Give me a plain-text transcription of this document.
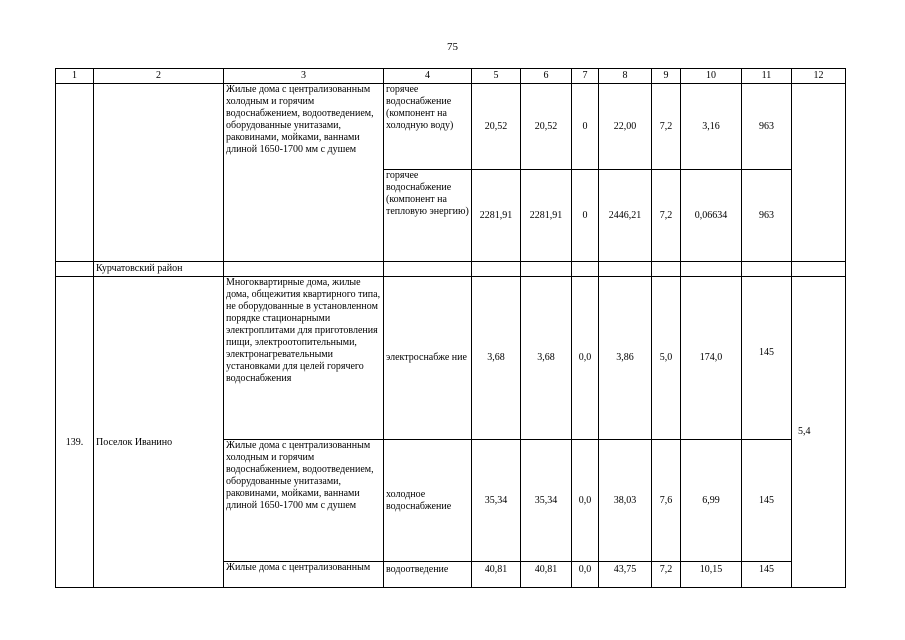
75
1	2	3	4	5	6	7	8	9	10	11	12
		Жилые дома с централизованным холодным и горячим водоснабжением, водоотведением, оборудованные унитазами, раковинами, мойками, ваннами длиной 1650-1700 мм с душем	горячее водоснабжение (компонент на холодную воду)	20,52	20,52	0	22,00	7,2	3,16	963	
			горячее водоснабжение (компонент на тепловую энергию)	2281,91	2281,91	0	2446,21	7,2	0,06634	963	
	Курчатовский район										
139.	Поселок Иванино	Многоквартирные дома, жилые дома, общежития квартирного типа, не оборудованные в установленном порядке стационарными электроплитами для приготовления пищи, электроотопительными, электронагревательными установками для целей горячего водоснабжения	электроснабже ние	3,68	3,68	0,0	3,86	5,0	174,0	145	5,4
		Жилые дома с централизованным холодным и горячим водоснабжением, водоотведением, оборудованные унитазами, раковинами, мойками, ваннами длиной 1650-1700 мм с душем	холодное водоснабжение	35,34	35,34	0,0	38,03	7,6	6,99	145	
		Жилые дома с централизованным	водоотведение	40,81	40,81	0,0	43,75	7,2	10,15	145	
